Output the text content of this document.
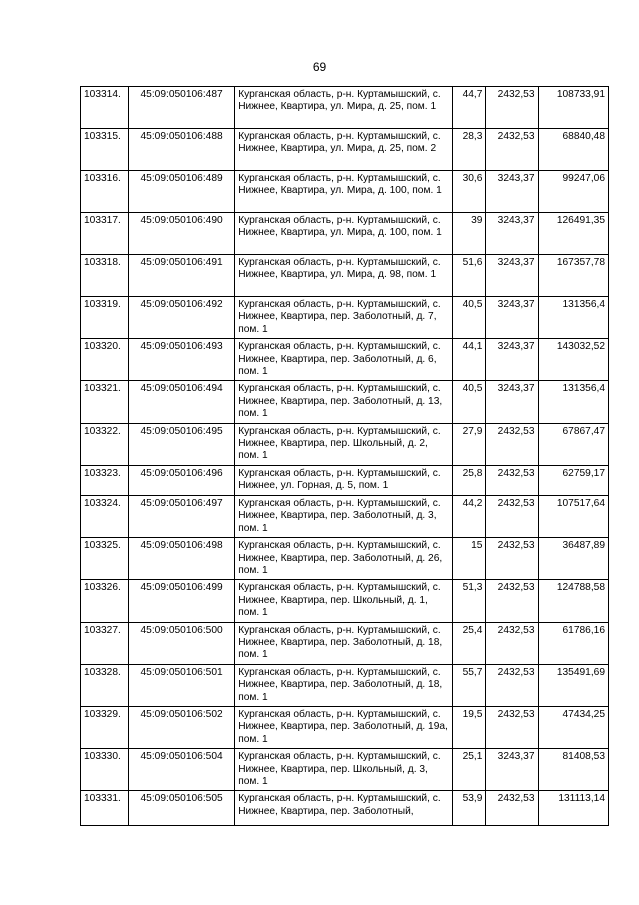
69
103314.	45:09:050106:487	Курганская область, р-н. Куртамышский, с. Нижнее, Квартира, ул. Мира, д. 25, пом. 1	44,7	2432,53	108733,91
103315.	45:09:050106:488	Курганская область, р-н. Куртамышский, с. Нижнее, Квартира, ул. Мира, д. 25, пом. 2	28,3	2432,53	68840,48
103316.	45:09:050106:489	Курганская область, р-н. Куртамышский, с. Нижнее, Квартира, ул. Мира, д. 100, пом. 1	30,6	3243,37	99247,06
103317.	45:09:050106:490	Курганская область, р-н. Куртамышский, с. Нижнее, Квартира, ул. Мира, д. 100, пом. 1	39	3243,37	126491,35
103318.	45:09:050106:491	Курганская область, р-н. Куртамышский, с. Нижнее, Квартира, ул. Мира, д. 98, пом. 1	51,6	3243,37	167357,78
103319.	45:09:050106:492	Курганская область, р-н. Куртамышский, с. Нижнее, Квартира, пер. Заболотный, д. 7, пом. 1	40,5	3243,37	131356,4
103320.	45:09:050106:493	Курганская область, р-н. Куртамышский, с. Нижнее, Квартира, пер. Заболотный, д. 6, пом. 1	44,1	3243,37	143032,52
103321.	45:09:050106:494	Курганская область, р-н. Куртамышский, с. Нижнее, Квартира, пер. Заболотный, д. 13, пом. 1	40,5	3243,37	131356,4
103322.	45:09:050106:495	Курганская область, р-н. Куртамышский, с. Нижнее, Квартира, пер. Школьный, д. 2, пом. 1	27,9	2432,53	67867,47
103323.	45:09:050106:496	Курганская область, р-н. Куртамышский, с. Нижнее, ул. Горная, д. 5, пом. 1	25,8	2432,53	62759,17
103324.	45:09:050106:497	Курганская область, р-н. Куртамышский, с. Нижнее, Квартира, пер. Заболотный, д. 3, пом. 1	44,2	2432,53	107517,64
103325.	45:09:050106:498	Курганская область, р-н. Куртамышский, с. Нижнее, Квартира, пер. Заболотный, д. 26, пом. 1	15	2432,53	36487,89
103326.	45:09:050106:499	Курганская область, р-н. Куртамышский, с. Нижнее, Квартира, пер. Школьный, д. 1, пом. 1	51,3	2432,53	124788,58
103327.	45:09:050106:500	Курганская область, р-н. Куртамышский, с. Нижнее, Квартира, пер. Заболотный, д. 18, пом. 1	25,4	2432,53	61786,16
103328.	45:09:050106:501	Курганская область, р-н. Куртамышский, с. Нижнее, Квартира, пер. Заболотный, д. 18, пом. 1	55,7	2432,53	135491,69
103329.	45:09:050106:502	Курганская область, р-н. Куртамышский, с. Нижнее, Квартира, пер. Заболотный, д. 19а, пом. 1	19,5	2432,53	47434,25
103330.	45:09:050106:504	Курганская область, р-н. Куртамышский, с. Нижнее, Квартира, пер. Школьный, д. 3, пом. 1	25,1	3243,37	81408,53
103331.	45:09:050106:505	Курганская область, р-н. Куртамышский, с. Нижнее, Квартира, пер. Заболотный,	53,9	2432,53	131113,14
